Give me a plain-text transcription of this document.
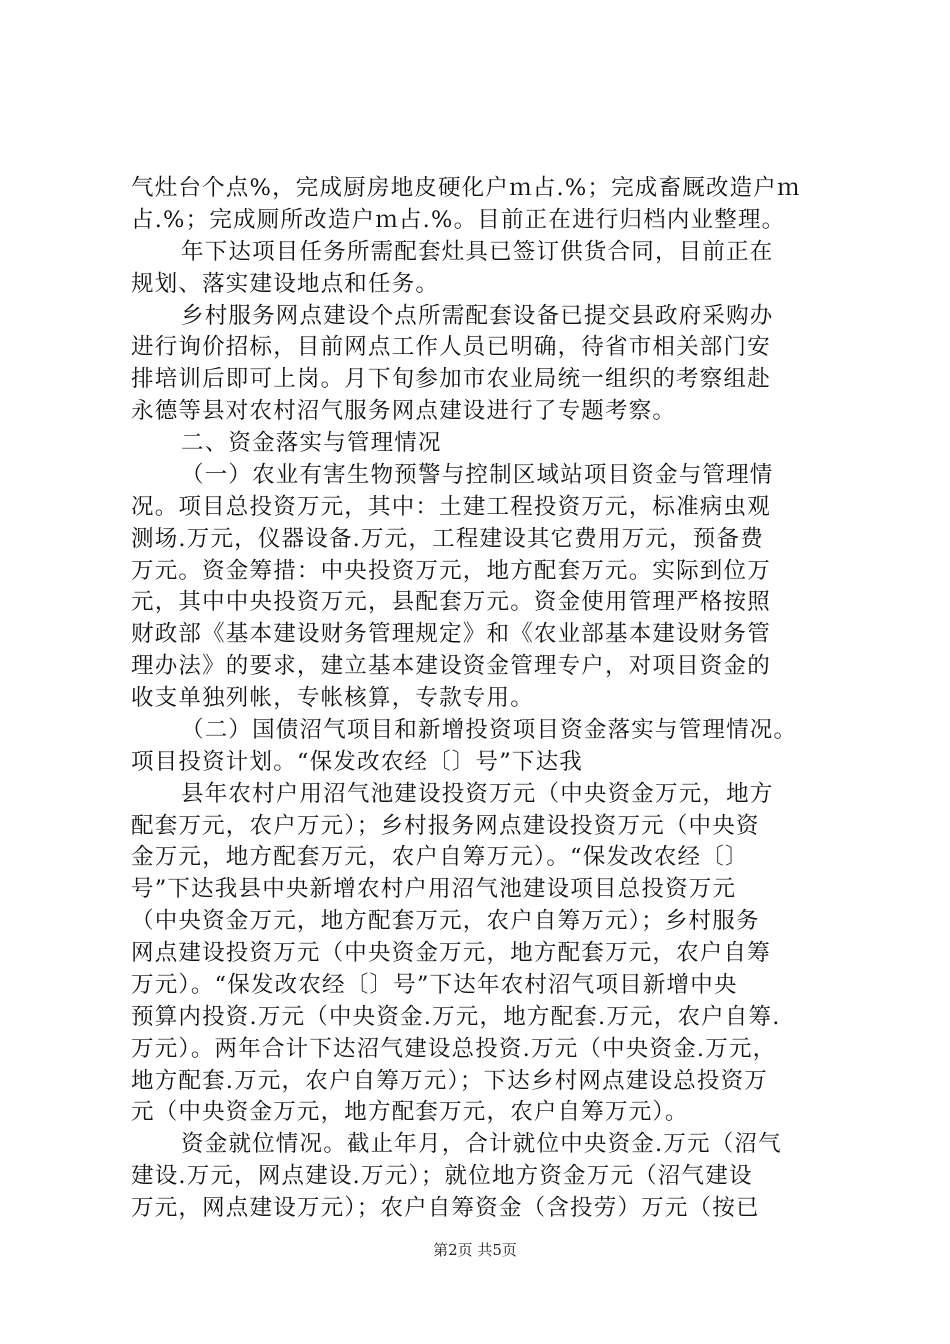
气灶台个点%，完成厨房地皮硬化户ｍ占.%；完成畜厩改造户ｍ
占.%；完成厕所改造户ｍ占.%。目前正在进行归档内业整理。
年下达项目任务所需配套灶具已签订供货合同，目前正在
规划、落实建设地点和任务。
乡村服务网点建设个点所需配套设备已提交县政府采购办
进行询价招标，目前网点工作人员已明确，待省市相关部门安
排培训后即可上岗。月下旬参加市农业局统一组织的考察组赴
永德等县对农村沼气服务网点建设进行了专题考察。
二、资金落实与管理情况
（一）农业有害生物预警与控制区域站项目资金与管理情
况。项目总投资万元，其中：土建工程投资万元，标准病虫观
测场.万元，仪器设备.万元，工程建设其它费用万元，预备费
万元。资金筹措：中央投资万元，地方配套万元。实际到位万
元，其中中央投资万元，县配套万元。资金使用管理严格按照
财政部《基本建设财务管理规定》和《农业部基本建设财务管
理办法》的要求，建立基本建设资金管理专户，对项目资金的
收支单独列帐，专帐核算，专款专用。
（二）国债沼气项目和新增投资项目资金落实与管理情况。
项目投资计划。“保发改农经〔〕号”下达我
县年农村户用沼气池建设投资万元（中央资金万元，地方
配套万元，农户万元）；乡村报务网点建设投资万元（中央资
金万元，地方配套万元，农户自筹万元）。“保发改农经〔〕
号”下达我县中央新增农村户用沼气池建设项目总投资万元
（中央资金万元，地方配套万元，农户自筹万元）；乡村服务
网点建设投资万元（中央资金万元，地方配套万元，农户自筹
万元）。“保发改农经〔〕号”下达年农村沼气项目新增中央
预算内投资.万元（中央资金.万元，地方配套.万元，农户自筹.
万元）。两年合计下达沼气建设总投资.万元（中央资金.万元，
地方配套.万元，农户自筹万元）；下达乡村网点建设总投资万
元（中央资金万元，地方配套万元，农户自筹万元）。
资金就位情况。截止年月，合计就位中央资金.万元（沼气
建设.万元，网点建设.万元）；就位地方资金万元（沼气建设
万元，网点建设万元）；农户自筹资金（含投劳）万元（按已
第2页 共5页
